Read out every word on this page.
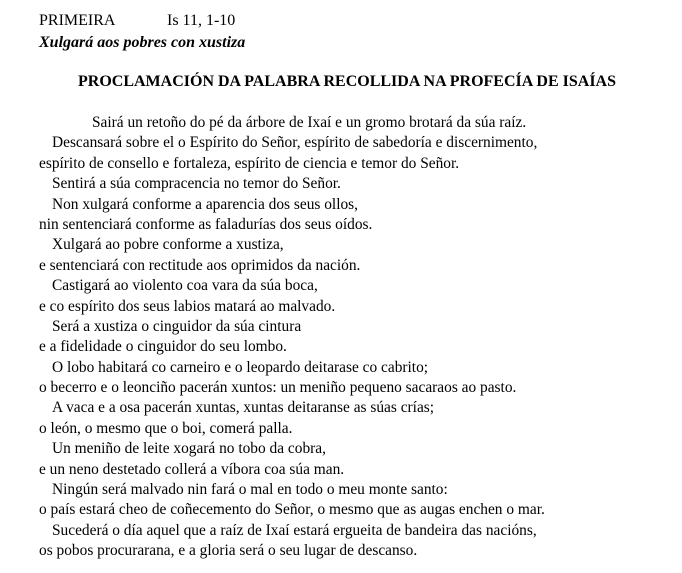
PRIMEIRA	Is 11, 1-10
Xulgará aos pobres con xustiza
PROCLAMACIÓN DA PALABRA RECOLLIDA NA PROFECÍA DE ISAÍAS
Sairá un retoño do pé da árbore de Ixaí e un gromo brotará da súa raíz.
Descansará sobre el o Espírito do Señor, espírito de sabedoría e discernimento,
espírito de consello e fortaleza, espírito de ciencia e temor do Señor.
Sentirá a súa compracencia no temor do Señor.
Non xulgará conforme a aparencia dos seus ollos,
nin sentenciará conforme as faladurías dos seus oídos.
Xulgará ao pobre conforme a xustiza,
e sentenciará con rectitude aos oprimidos da nación.
Castigará ao violento coa vara da súa boca,
e co espírito dos seus labios matará ao malvado.
Será a xustiza o cinguidor da súa cintura
e a fidelidade o cinguidor do seu lombo.
O lobo habitará co carneiro e o leopardo deitarase co cabrito;
o becerro e o leonciño pacerán xuntos: un meniño pequeno sacaraos ao pasto.
A vaca e a osa pacerán xuntas, xuntas deitaranse as súas crías;
o león, o mesmo que o boi, comerá palla.
Un meniño de leite xogará no tobo da cobra,
e un neno destetado collerá a víbora coa súa man.
Ningún será malvado nin fará o mal en todo o meu monte santo:
o país estará cheo de coñecemento do Señor, o mesmo que as augas enchen o mar.
Sucederá o día aquel que a raíz de Ixaí estará ergueita de bandeira das nacións,
os pobos procurarana, e a gloria será o seu lugar de descanso.
